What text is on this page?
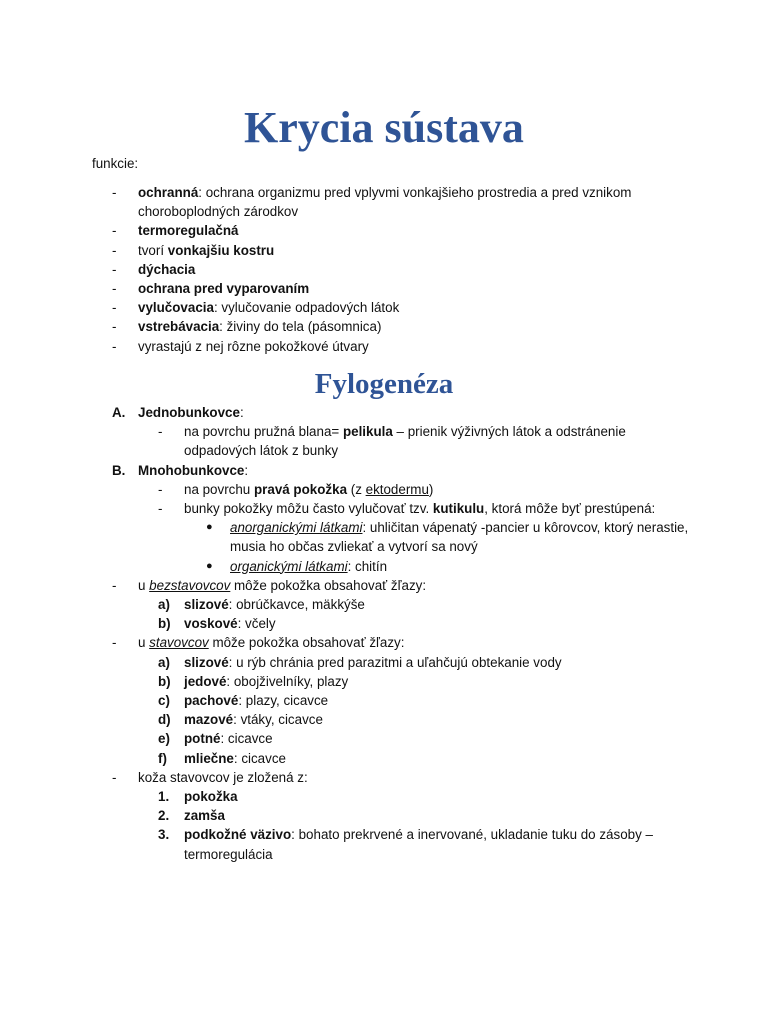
Krycia sústava
funkcie:
- ochranná: ochrana organizmu pred vplyvmi vonkajšieho prostredia a pred vznikom choroboplodných zárodkov
- termoregulačná
- tvorí vonkajšiu kostru
- dýchacia
- ochrana pred vyparovaním
- vylučovacia: vylučovanie odpadových látok
- vstrebávacia: živiny do tela (pásomnica)
- vyrastajú z nej rôzne pokožkové útvary
Fylogenéza
A. Jednobunkovce:
- na povrchu pružná blana= pelikula – prienik výživných látok a odstránenie odpadových látok z bunky
B. Mnohobunkovce:
- na povrchu pravá pokožka (z ektodermu)
- bunky pokožky môžu často vylučovať tzv. kutikulu, ktorá môže byť prestúpená:
● anorganickými látkami: uhličitan vápenatý -pancier u kôrovcov, ktorý nerastie, musia ho občas zvliekať a vytvorí sa nový
● organickými látkami: chitín
- u bezstavovcov môže pokožka obsahovať žľazy:
a) slizové: obrúčkavce, mäkkýše
b) voskové: včely
- u stavovcov môže pokožka obsahovať žľazy:
a) slizové: u rýb chránia pred parazitmi a uľahčujú obtekanie vody
b) jedové: obojživelníky, plazy
c) pachové: plazy, cicavce
d) mazové: vtáky, cicavce
e) potné: cicavce
f) mliečne: cicavce
- koža stavovcov je zložená z:
1. pokožka
2. zamša
3. podkožné väzivo: bohato prekrvené a inervované, ukladanie tuku do zásoby – termoregulácia
